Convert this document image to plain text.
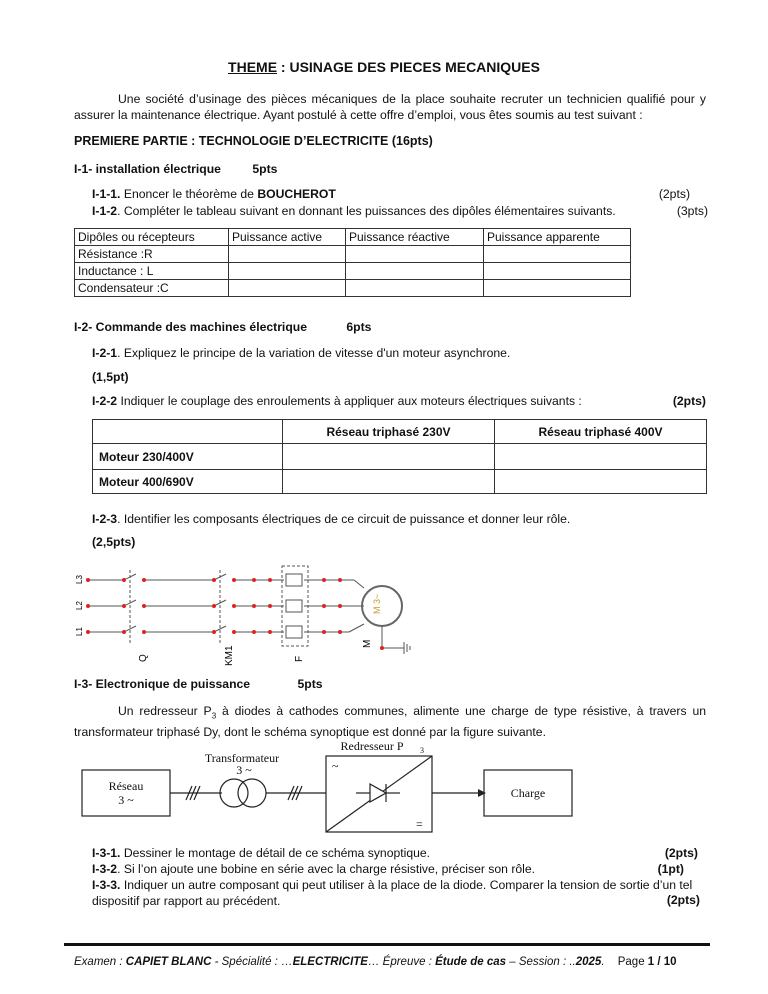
THEME : USINAGE DES PIECES MECANIQUES
Une société d’usinage des pièces mécaniques de la place souhaite recruter un technicien qualifié pour y assurer la maintenance électrique. Ayant postulé à cette offre d’emploi, vous êtes soumis au test suivant :
PREMIERE PARTIE : TECHNOLOGIE D’ELECTRICITE (16pts)
I-1- installation électrique	5pts
I-1-1. Enoncer le théorème de BOUCHEROT	(2pts)
I-1-2. Compléter le tableau suivant en donnant les puissances des dipôles élémentaires suivants.	(3pts)
Dipôles ou récepteurs	Puissance active	Puissance réactive	Puissance apparente
Résistance :R			
Inductance : L			
Condensateur :C			
I-2- Commande des machines électrique	6pts
I-2-1. Expliquez le principe de la variation de vitesse d'un moteur asynchrone.
(1,5pt)
I-2-2 Indiquer le couplage des enroulements à appliquer aux moteurs électriques suivants :	(2pts)
	Réseau triphasé 230V	Réseau triphasé 400V
Moteur 230/400V		
Moteur 400/690V		
I-2-3. Identifier les composants électriques de ce circuit de puissance et donner leur rôle.
(2,5pts)
L3
L2
L1
M 3~
Q	KM1	F
M
I-3- Electronique de puissance	5pts
Un redresseur $P_3$ à diodes à cathodes communes, alimente une charge de type résistive, à travers un transformateur triphasé Dy, dont le schéma synoptique est donné par la figure suivante.
Réseau
3 ~
Transformateur
3 ~
Redresseur P 3
~
=
Charge
I-3-1. Dessiner le montage de détail de ce schéma synoptique.	(2pts)
I-3-2. Si l’on ajoute une bobine en série avec la charge résistive, préciser son rôle.	(1pt)
I-3-3. Indiquer un autre composant qui peut utiliser à la place de la diode. Comparer la tension de sortie d’un tel dispositif par rapport au précédent.	(2pts)
Examen : CAPIET BLANC - Spécialité : …ELECTRICITE… Épreuve : Étude de cas – Session : ..2025. Page 1 / 10
